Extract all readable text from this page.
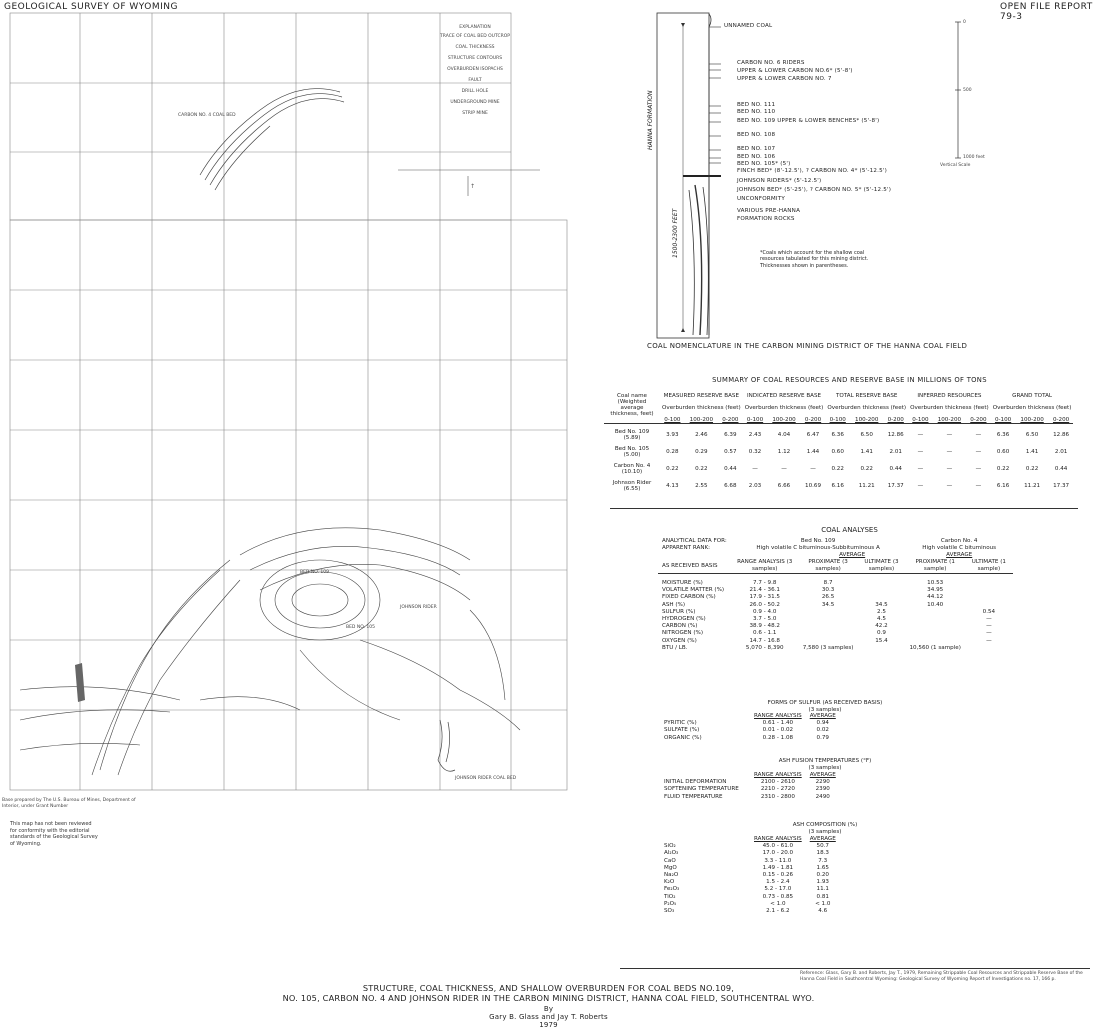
GEOLOGICAL SURVEY OF WYOMING	OPEN FILE REPORT 79-3
↑
EXPLANATION
TRACE OF COAL BED OUTCROP
COAL THICKNESS
STRUCTURE CONTOURS
OVERBURDEN ISOPACHS
FAULT
DRILL HOLE
UNDERGROUND MINE
STRIP MINE
CARBON NO. 4 COAL BED
JOHNSON RIDER
BED NO. 105
BED NO. 109
JOHNSON RIDER COAL BED
Base prepared by The U.S. Bureau of Mines, Department of Interior, under Grant Number
This map has not been reviewed for conformity with the editorial standards of the Geological Survey of Wyoming.
HANNA FORMATION
1500-2300 FEET
UNNAMED COAL
CARBON NO. 6 RIDERS
UPPER & LOWER CARBON NO.6* (5'-8')
UPPER & LOWER CARBON NO. 7
BED NO. 111
BED NO. 110
BED NO. 109 UPPER & LOWER BENCHES* (5'-8')
BED NO. 108
BED NO. 107
BED NO. 106
BED NO. 105* (5')
FINCH BED* (8'-12.5'), ? CARBON NO. 4* (5'-12.5')
JOHNSON RIDERS* (5'-12.5')
JOHNSON BED* (5'-25'), ? CARBON NO. 5* (5'-12.5')
UNCONFORMITY
VARIOUS PRE-HANNA
FORMATION ROCKS
*Coals which account for the shallow coal resources tabulated for this mining district. Thicknesses shown in parentheses.
0
500
1000 feet
Vertical Scale
COAL NOMENCLATURE IN THE CARBON MINING DISTRICT OF THE HANNA COAL FIELD
SUMMARY OF COAL RESOURCES AND RESERVE BASE IN MILLIONS OF TONS
Coal name	MEASURED RESERVE BASE			INDICATED RESERVE BASE			TOTAL RESERVE BASE			INFERRED RESOURCES			GRAND TOTAL		
(Weighted average thickness, feet)	Overburden thickness (feet)			Overburden thickness (feet)			Overburden thickness (feet)			Overburden thickness (feet)			Overburden thickness (feet)		
	0-100	100-200	0-200	0-100	100-200	0-200	0-100	100-200	0-200	0-100	100-200	0-200	0-100	100-200	0-200

Bed No. 109
(5.89)	3.93	2.46	6.39	2.43	4.04	6.47	6.36	6.50	12.86	—	—	—	6.36	6.50	12.86

Bed No. 105
(5.00)	0.28	0.29	0.57	0.32	1.12	1.44	0.60	1.41	2.01	—	—	—	0.60	1.41	2.01

Carbon No. 4
(10.10)	0.22	0.22	0.44	—	—	—	0.22	0.22	0.44	—	—	—	0.22	0.22	0.44

Johnson Rider
(6.55)	4.13	2.55	6.68	2.03	6.66	10.69	6.16	11.21	17.37	—	—	—	6.16	11.21	17.37
COAL ANALYSES
ANALYTICAL DATA FOR:	Bed No. 109			Carbon No. 4	
APPARENT RANK:	High volatile C bituminous-Subbituminous A			High volatile C bituminous	
		AVERAGE		AVERAGE	
AS RECEIVED BASIS	RANGE ANALYSIS (3 samples)	PROXIMATE (3 samples)	ULTIMATE (3 samples)	PROXIMATE (1 sample)	ULTIMATE (1 sample)

MOISTURE (%)	7.7 - 9.8	8.7		10.53	
VOLATILE MATTER (%)	21.4 - 36.1	30.3		34.95	
FIXED CARBON (%)	17.9 - 31.5	26.5		44.12	
ASH (%)	26.0 - 50.2	34.5	34.5	10.40	
SULFUR (%)	0.9 - 4.0		2.5		0.54
HYDROGEN (%)	3.7 - 5.0		4.5		—
CARBON (%)	38.9 - 48.2		42.2		—
NITROGEN (%)	0.6 - 1.1		0.9		—
OXYGEN (%)	14.7 - 16.8		15.4		—
BTU / LB.	5,070 - 8,390	7,580 (3 samples)		10,560 (1 sample)	
FORMS OF SULFUR (AS RECEIVED BASIS)
(3 samples)
	RANGE ANALYSIS	AVERAGE
PYRITIC (%)	0.61 - 1.40	0.94
SULFATE (%)	0.01 - 0.02	0.02
ORGANIC (%)	0.28 - 1.08	0.79
ASH FUSION TEMPERATURES (°F)
(3 samples)
	RANGE ANALYSIS	AVERAGE
INITIAL DEFORMATION	2100 - 2610	2290
SOFTENING TEMPERATURE	2210 - 2720	2390
FLUID TEMPERATURE	2310 - 2800	2490
ASH COMPOSITION (%)
(3 samples)
	RANGE ANALYSIS	AVERAGE
SiO₂	45.0 - 61.0	50.7
Al₂O₃	17.0 - 20.0	18.3
CaO	3.3 - 11.0	7.3
MgO	1.49 - 1.81	1.65
Na₂O	0.15 - 0.26	0.20
K₂O	1.5 - 2.4	1.93
Fe₂O₃	5.2 - 17.0	11.1
TiO₂	0.73 - 0.85	0.81
P₂O₅	< 1.0	< 1.0
SO₃	2.1 - 6.2	4.6
Reference: Glass, Gary B. and Roberts, Jay T., 1979, Remaining Strippable Coal Resources and Strippable Reserve Base of the Hanna Coal Field in Southcentral Wyoming: Geological Survey of Wyoming Report of Investigations no. 17, 166 p.
STRUCTURE, COAL THICKNESS, AND SHALLOW OVERBURDEN FOR COAL BEDS NO.109,
NO. 105, CARBON NO. 4 AND JOHNSON RIDER IN THE CARBON MINING DISTRICT, HANNA COAL FIELD, SOUTHCENTRAL WYO.
By
Gary B. Glass and Jay T. Roberts
1979
